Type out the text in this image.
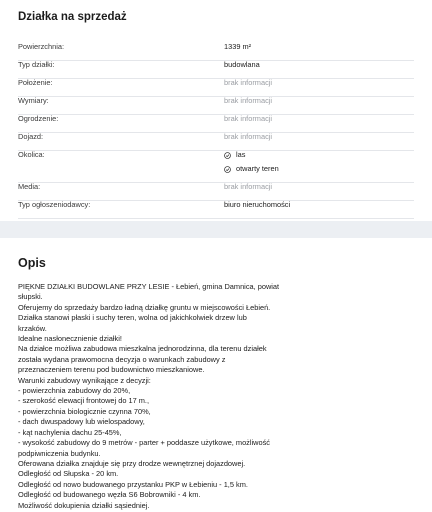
Działka na sprzedaż
Powierzchnia:	1339 m²
Typ działki:	budowlana
Położenie:	brak informacji
Wymiary:	brak informacji
Ogrodzenie:	brak informacji
Dojazd:	brak informacji
Okolica:	las
otwarty teren
Media:	brak informacji
Typ ogłoszeniodawcy:	biuro nieruchomości
Opis

PIĘKNE DZIAŁKI BUDOWLANE PRZY LESIE - Łebień, gmina Damnica, powiat

słupski.

Oferujemy do sprzedaży bardzo ładną działkę gruntu w miejscowości Łebień.

Działka stanowi płaski i suchy teren, wolna od jakichkolwiek drzew lub

krzaków.

Idealne nasłonecznienie działki!

Na działce możliwa zabudowa mieszkalna jednorodzinna, dla terenu działek

została wydana prawomocna decyzja o warunkach zabudowy z

przeznaczeniem terenu pod budownictwo mieszkaniowe.

Warunki zabudowy wynikające z decyzji:

- powierzchnia zabudowy do 20%,

- szerokość elewacji frontowej do 17 m.,

- powierzchnia biologicznie czynna 70%,

- dach dwuspadowy lub wielospadowy,

- kąt nachylenia dachu 25-45%,

- wysokość zabudowy do 9 metrów - parter + poddasze użytkowe, możliwość

podpiwniczenia budynku.

Oferowana działka znajduje się przy drodze wewnętrznej dojazdowej.

Odległość od Słupska - 20 km.

Odległość od nowo budowanego przystanku PKP w Łebieniu - 1,5 km.

Odległość od budowanego węzła S6 Bobrowniki - 4 km.

Możliwość dokupienia działki sąsiedniej.
